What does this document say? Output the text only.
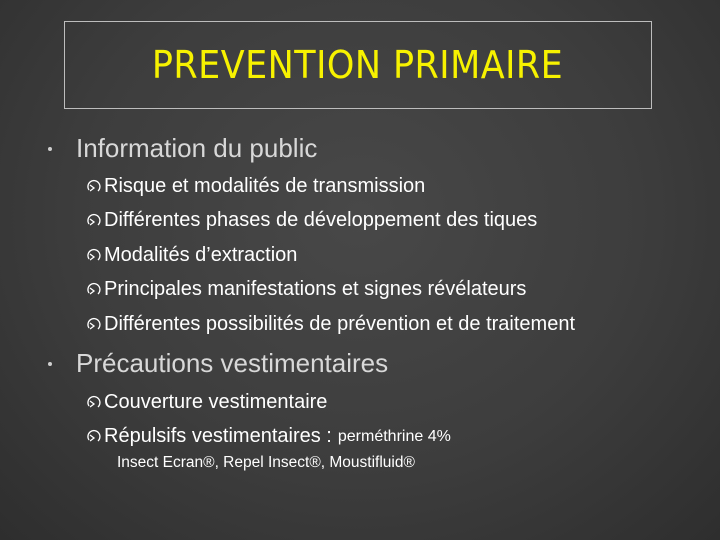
PREVENTION PRIMAIRE
Information du public
Risque et modalités de transmission
Différentes phases de développement des tiques
Modalités d’extraction
Principales manifestations et signes révélateurs
Différentes possibilités de prévention et de traitement
Précautions vestimentaires
Couverture vestimentaire
Répulsifs vestimentaires : perméthrine 4%
Insect Ecran®, Repel Insect®, Moustifluid®
